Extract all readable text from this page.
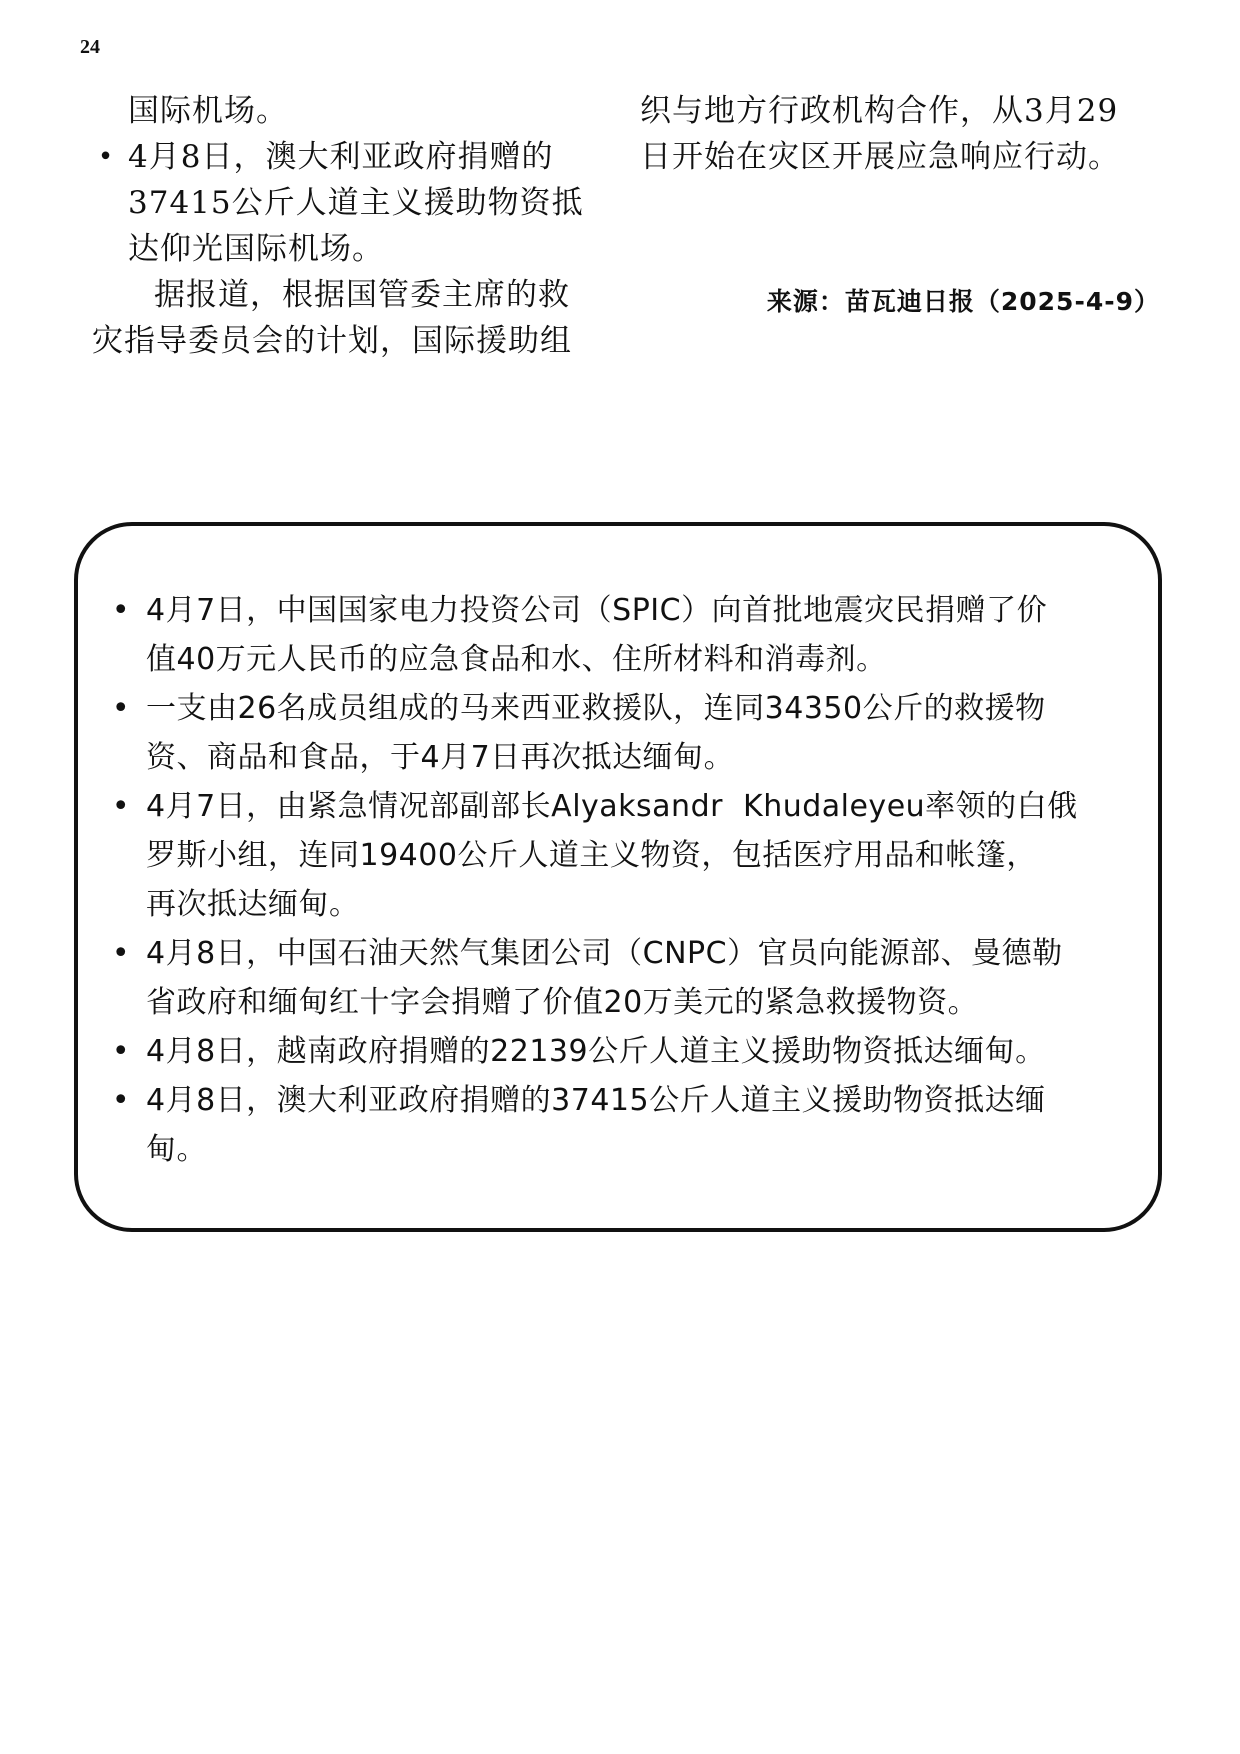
24
国际机场。
• 4月8日，澳大利亚政府捐赠的
37415公斤人道主义援助物资抵
达仰光国际机场。
据报道，根据国管委主席的救
灾指导委员会的计划，国际援助组
织与地方行政机构合作，从3月29
日开始在灾区开展应急响应行动。
来源：苗瓦迪日报（2025-4-9）
• 4月7日，中国国家电力投资公司（SPIC）向首批地震灾民捐赠了价
值40万元人民币的应急食品和水、住所材料和消毒剂。
• 一支由26名成员组成的马来西亚救援队，连同34350公斤的救援物
资、商品和食品，于4月7日再次抵达缅甸。
• 4月7日，由紧急情况部副部长Alyaksandr  Khudaleyeu率领的白俄
罗斯小组，连同19400公斤人道主义物资，包括医疗用品和帐篷，
再次抵达缅甸。
• 4月8日，中国石油天然气集团公司（CNPC）官员向能源部、曼德勒
省政府和缅甸红十字会捐赠了价值20万美元的紧急救援物资。
• 4月8日，越南政府捐赠的22139公斤人道主义援助物资抵达缅甸。
• 4月8日，澳大利亚政府捐赠的37415公斤人道主义援助物资抵达缅
甸。
